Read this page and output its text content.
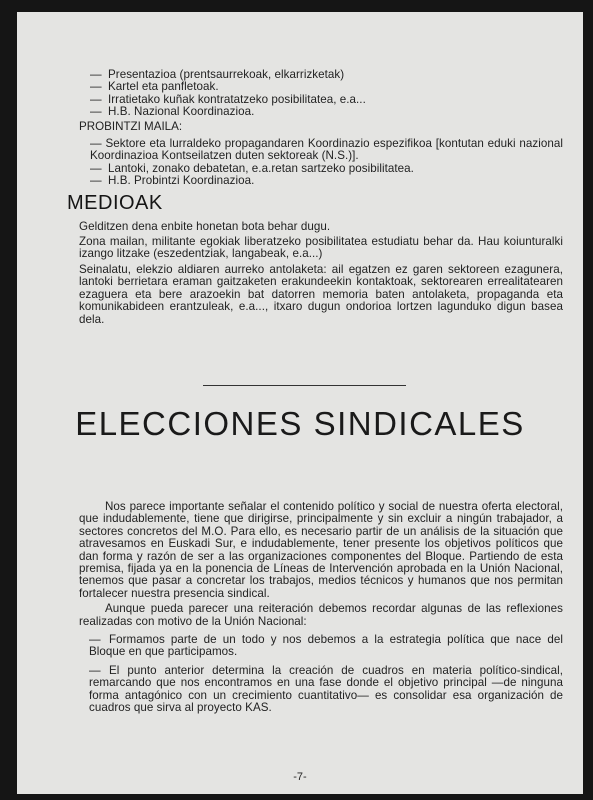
— Presentazioa (prentsaurrekoak, elkarrizketak)
— Kartel eta panfletoak.
— Irratietako kuñak kontratatzeko posibilitatea, e.a...
— H.B. Nazional Koordinazioa.
PROBINTZI MAILA:
— Sektore eta lurraldeko propagandaren Koordinazio espezifikoa [kontutan eduki nazional Koordinazioa Kontseilatzen duten sektoreak (N.S.)].
— Lantoki, zonako debatetan, e.a.retan sartzeko posibilitatea.
— H.B. Probintzi Koordinazioa.
MEDIOAK

Gelditzen dena enbite honetan bota behar dugu.

Zona mailan, militante egokiak liberatzeko posibilitatea estudiatu behar da. Hau koiunturalki izango litzake (eszedentziak, langabeak, e.a...)

Seinalatu, elekzio aldiaren aurreko antolaketa: ail egatzen ez garen sektoreen ezagunera, lantoki berrietara eraman gaitzaketen erakundeekin kontaktoak, sektorearen errealitatearen ezaguera eta bere arazoekin bat datorren memoria baten antolaketa, propaganda eta komunikabideen erantzuleak, e.a..., itxaro dugun ondorioa lortzen lagunduko digun basea dela.

ELECCIONES SINDICALES

Nos parece importante señalar el contenido político y social de nuestra oferta electoral, que indudablemente, tiene que dirigirse, principalmente y sin excluir a ningún trabajador, a sectores concretos del M.O. Para ello, es necesario partir de un análisis de la situación que atravesamos en Euskadi Sur, e indudablemente, tener presente los objetivos políticos que dan forma y razón de ser a las organizaciones componentes del Bloque. Partiendo de esta premisa, fijada ya en la ponencia de Líneas de Intervención aprobada en la Unión Nacional, tenemos que pasar a concretar los trabajos, medios técnicos y humanos que nos permitan fortalecer nuestra presencia sindical.

Aunque pueda parecer una reiteración debemos recordar algunas de las reflexiones realizadas con motivo de la Unión Nacional:

— Formamos parte de un todo y nos debemos a la estrategia política que nace del Bloque en que participamos.
— El punto anterior determina la creación de cuadros en materia político-sindical, remarcando que nos encontramos en una fase donde el objetivo principal —de ninguna forma antagónico con un crecimiento cuantitativo— es consolidar esa organización de cuadros que sirva al proyecto KAS.
-7-
